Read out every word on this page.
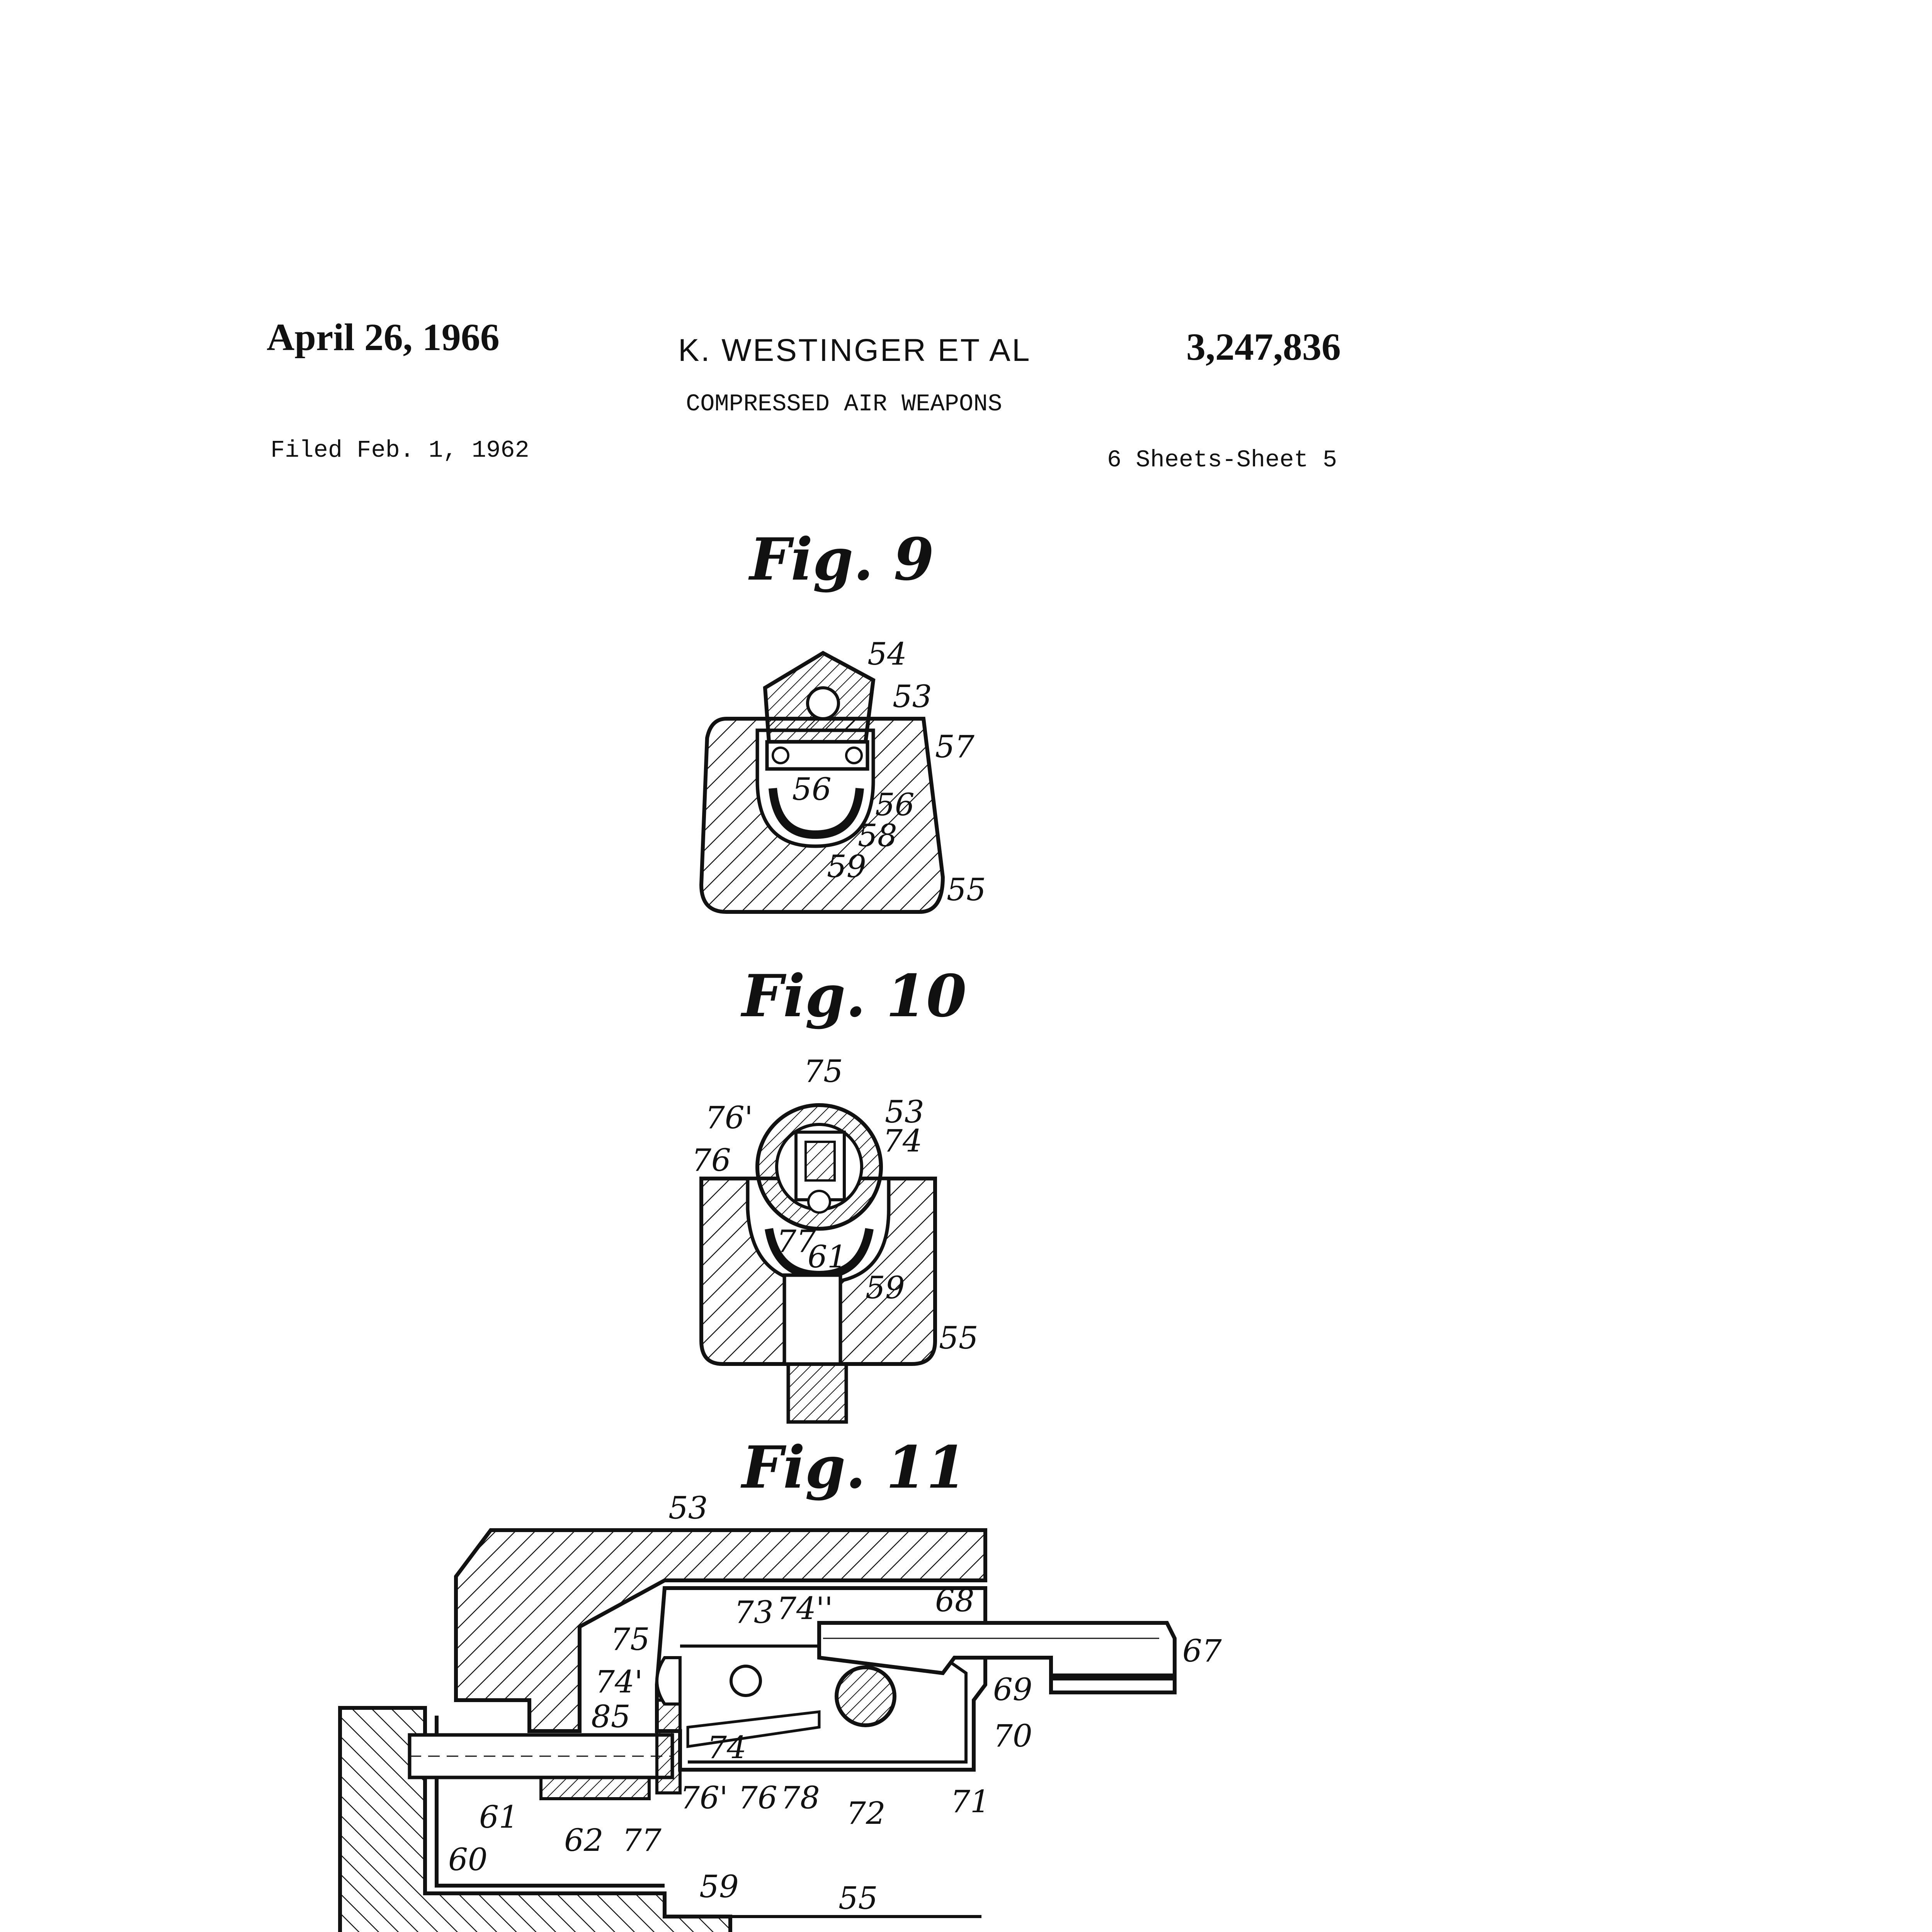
April 26, 1966	K. WESTINGER ET AL	3,247,836
COMPRESSED AIR WEAPONS
Filed Feb. 1, 1962	6 Sheets-Sheet 5
Fig. 9
54
53
57
56 56
58
59
55
Fig. 10
75
76'	53
74
76
77
61
59
55
Fig. 11
53
73 74''	68
67
75
74'
85
69
70
74
61
76' 76 78 72 71
62 77
60
59	55
